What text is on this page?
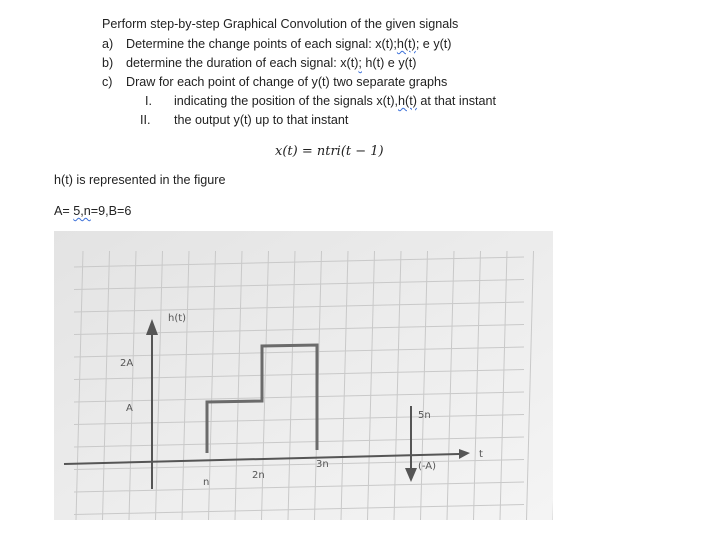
Perform step-by-step Graphical Convolution of the given signals
a) Determine the change points of each signal: x(t);h(t); e y(t)
b) determine the duration of each signal: x(t); h(t) e y(t)
c) Draw for each point of change of y(t) two separate graphs
I. indicating the position of the signals x(t),h(t) at that instant
II. the output y(t) up to that instant
x(t) = ntri(t − 1)
h(t) is represented in the figure
A= 5,n=9,B=6
h(t)
2A
A
n
2n
3n
5n
(-A)
t
